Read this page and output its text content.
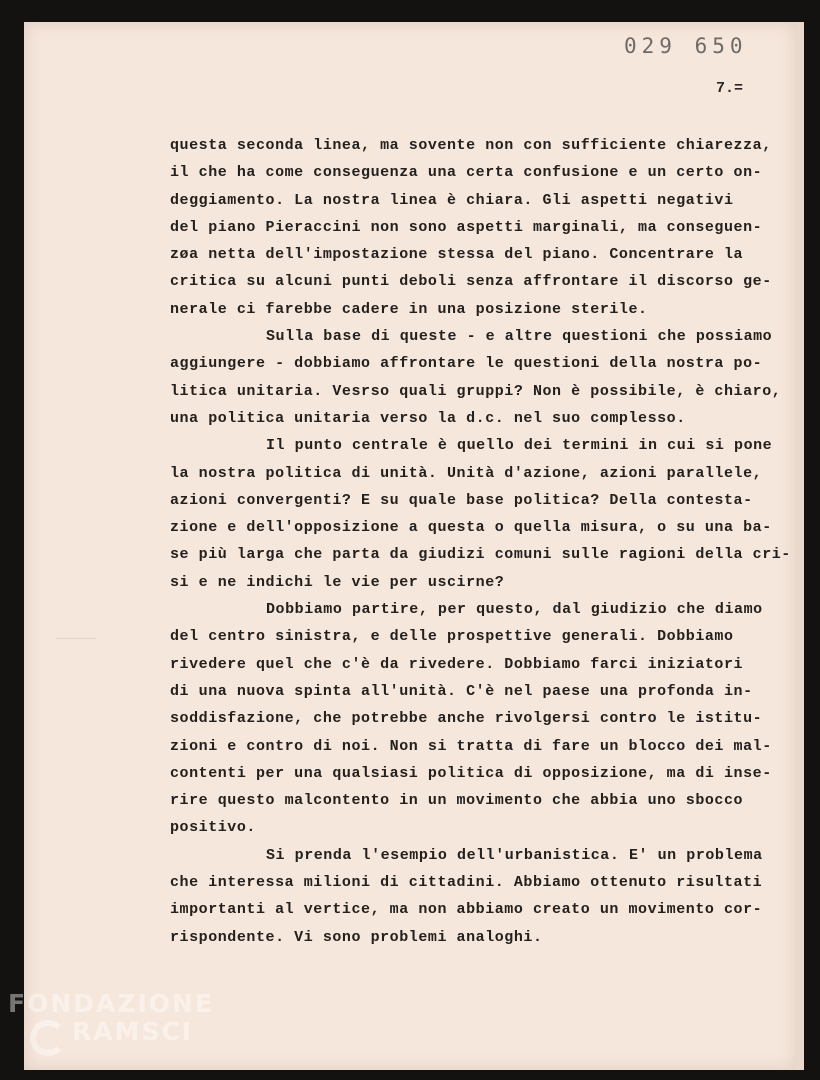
029 650
7.=
questa seconda linea, ma sovente non con sufficiente chiarezza,
il che ha come conseguenza una certa confusione e un certo on-
deggiamento. La nostra linea è chiara. Gli aspetti negativi
del piano Pieraccini non sono aspetti marginali, ma conseguen-
zøa netta dell'impostazione stessa del piano. Concentrare la
critica su alcuni punti deboli senza affrontare il discorso ge-
nerale ci farebbe cadere in una posizione sterile.
Sulla base di queste - e altre questioni che possiamo
aggiungere - dobbiamo affrontare le questioni della nostra po-
litica unitaria. Vesrso quali gruppi? Non è possibile, è chiaro,
una politica unitaria verso la d.c. nel suo complesso.
Il punto centrale è quello dei termini in cui si pone
la nostra politica di unità. Unità d'azione, azioni parallele,
azioni convergenti? E su quale base politica? Della contesta-
zione e dell'opposizione a questa o quella misura, o su una ba-
se più larga che parta da giudizi comuni sulle ragioni della cri-
si e ne indichi le vie per uscirne?
Dobbiamo partire, per questo, dal giudizio che diamo
del centro sinistra, e delle prospettive generali. Dobbiamo
rivedere quel che c'è da rivedere. Dobbiamo farci iniziatori
di una nuova spinta all'unità. C'è nel paese una profonda in-
soddisfazione, che potrebbe anche rivolgersi contro le istitu-
zioni e contro di noi. Non si tratta di fare un blocco dei mal-
contenti per una qualsiasi politica di opposizione, ma di inse-
rire questo malcontento in un movimento che abbia uno sbocco
positivo.
Si prenda l'esempio dell'urbanistica. E' un problema
che interessa milioni di cittadini. Abbiamo ottenuto risultati
importanti al vertice, ma non abbiamo creato un movimento cor-
rispondente. Vi sono problemi analoghi.
FONDAZIONE
RAMSCI
